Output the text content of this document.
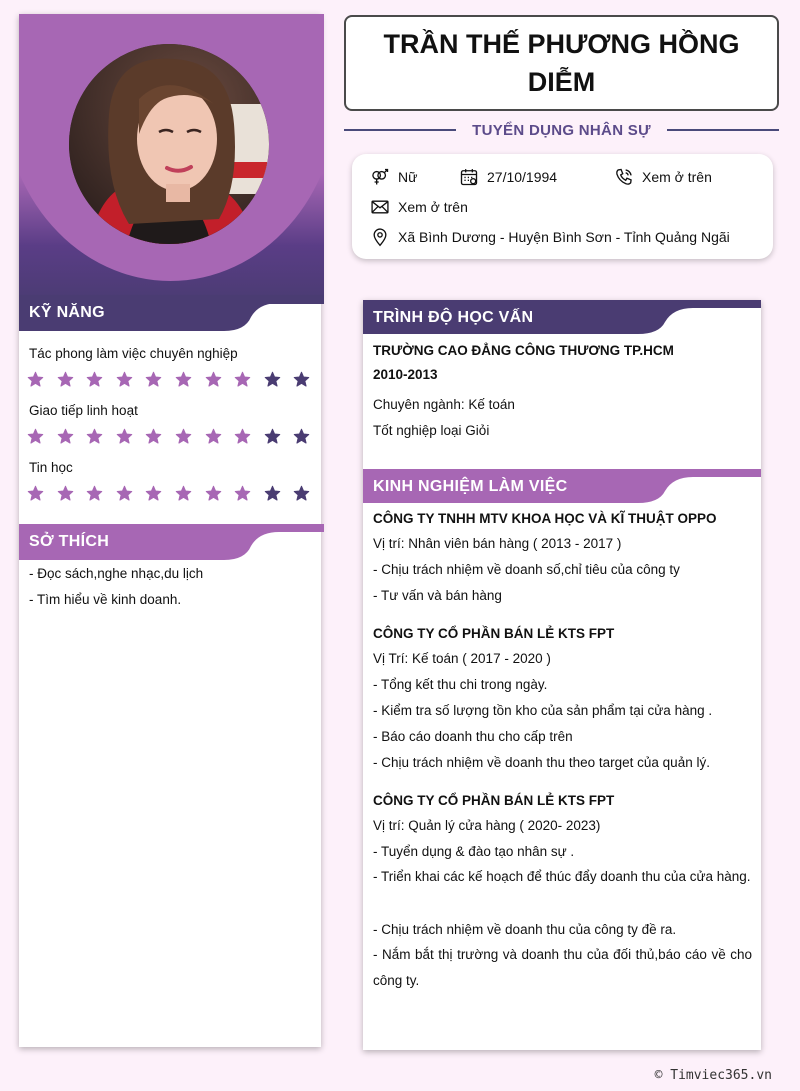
KỸ NĂNG
Tác phong làm việc chuyên nghiệp
Giao tiếp linh hoạt
Tin học
SỞ THÍCH
- Đọc sách,nghe nhạc,du lịch
- Tìm hiểu về kinh doanh.
TRẦN THẾ PHƯƠNG HỒNG DIỄM
TUYỂN DỤNG NHÂN SỰ
Nữ	27/10/1994	Xem ở trên
Xem ở trên
Xã Bình Dương - Huyện Bình Sơn - Tỉnh Quảng Ngãi
TRÌNH ĐỘ HỌC VẤN
TRƯỜNG CAO ĐẲNG CÔNG THƯƠNG TP.HCM
2010-2013
Chuyên ngành: Kế toán
Tốt nghiệp loại Giỏi
KINH NGHIỆM LÀM VIỆC
CÔNG TY TNHH MTV KHOA HỌC VÀ KĨ THUẬT OPPO
Vị trí: Nhân viên bán hàng ( 2013 - 2017 )
- Chịu trách nhiệm về doanh số,chỉ tiêu của công ty
- Tư vấn và bán hàng
CÔNG TY CỔ PHẦN BÁN LẺ KTS FPT
Vị Trí: Kế toán ( 2017 - 2020 )
- Tổng kết thu chi trong ngày.
- Kiểm tra số lượng tồn kho của sản phẩm tại cửa hàng .
- Báo cáo doanh thu cho cấp trên
- Chịu trách nhiệm về doanh thu theo target của quản lý.
CÔNG TY CỔ PHẦN BÁN LẺ KTS FPT
Vị trí: Quản lý cửa hàng ( 2020- 2023)
- Tuyển dụng & đào tạo nhân sự .
- Triển khai các kế hoạch để thúc đẩy doanh thu của cửa hàng.
- Chịu trách nhiệm về doanh thu của công ty đề ra.
- Nắm bắt thị trường và doanh thu của đối thủ,báo cáo về cho công ty.
© Timviec365.vn
